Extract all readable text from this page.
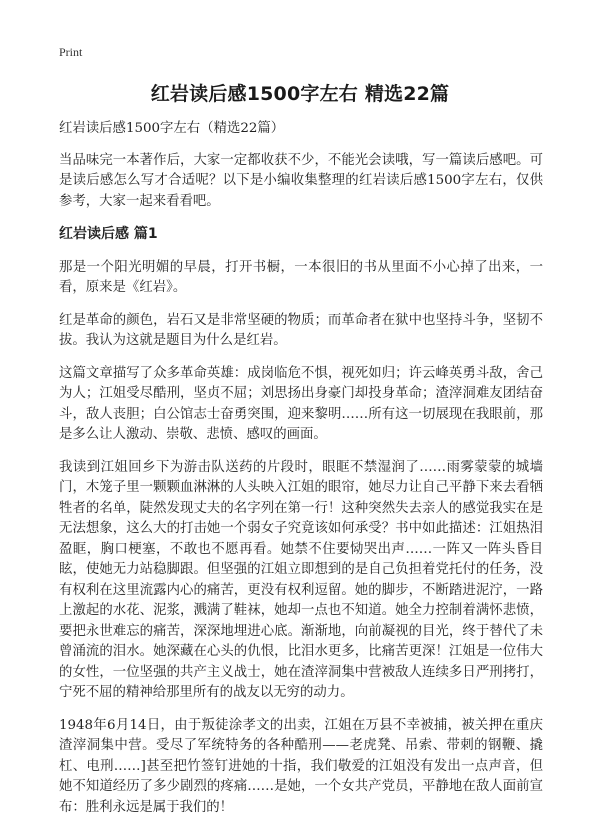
Print
红岩读后感1500字左右 精选22篇

红岩读后感1500字左右（精选22篇）

当品味完一本著作后，大家一定都收获不少，不能光会读哦，写一篇读后感吧。可是读后感怎么写才合适呢？以下是小编收集整理的红岩读后感1500字左右，仅供参考，大家一起来看看吧。

红岩读后感 篇1

那是一个阳光明媚的早晨，打开书橱，一本很旧的书从里面不小心掉了出来，一看，原来是《红岩》。

红是革命的颜色，岩石又是非常坚硬的物质；而革命者在狱中也坚持斗争，坚韧不拔。我认为这就是题目为什么是红岩。

这篇文章描写了众多革命英雄：成岗临危不惧，视死如归；许云峰英勇斗敌，舍己为人；江姐受尽酷刑，坚贞不屈；刘思扬出身豪门却投身革命；渣滓洞难友团结奋斗，敌人丧胆；白公馆志士奋勇突围，迎来黎明……所有这一切展现在我眼前，那是多么让人激动、崇敬、悲愤、感叹的画面。

我读到江姐回乡下为游击队送药的片段时，眼眶不禁湿润了……雨雾蒙蒙的城墙门，木笼子里一颗颗血淋淋的人头映入江姐的眼帘，她尽力让自己平静下来去看牺牲者的名单，陡然发现丈夫的名字列在第一行！这种突然失去亲人的感觉我实在是无法想象，这么大的打击她一个弱女子究竟该如何承受？书中如此描述：江姐热泪盈眶，胸口梗塞，不敢也不愿再看。她禁不住要恸哭出声……一阵又一阵头昏目眩，使她无力站稳脚跟。但坚强的江姐立即想到的是自己负担着党托付的任务，没有权利在这里流露内心的痛苦，更没有权利逗留。她的脚步，不断踏进泥泞，一路上激起的水花、泥浆，溅满了鞋袜，她却一点也不知道。她全力控制着满怀悲愤，要把永世难忘的痛苦，深深地埋进心底。渐渐地，向前凝视的目光，终于替代了未曾涌流的泪水。她深藏在心头的仇恨，比泪水更多，比痛苦更深！江姐是一位伟大的女性，一位坚强的共产主义战士，她在渣滓洞集中营被敌人连续多日严刑拷打，宁死不屈的精神给那里所有的战友以无穷的动力。

1948年6月14日，由于叛徒涂孝文的出卖，江姐在万县不幸被捕，被关押在重庆渣滓洞集中营。受尽了军统特务的各种酷刑——老虎凳、吊索、带刺的钢鞭、撬杠、电刑……]甚至把竹签钉进她的十指，我们敬爱的江姐没有发出一点声音，但她不知道经历了多少剧烈的疼痛……是她，一个女共产党员，平静地在敌人面前宣布：胜利永远是属于我们的！
